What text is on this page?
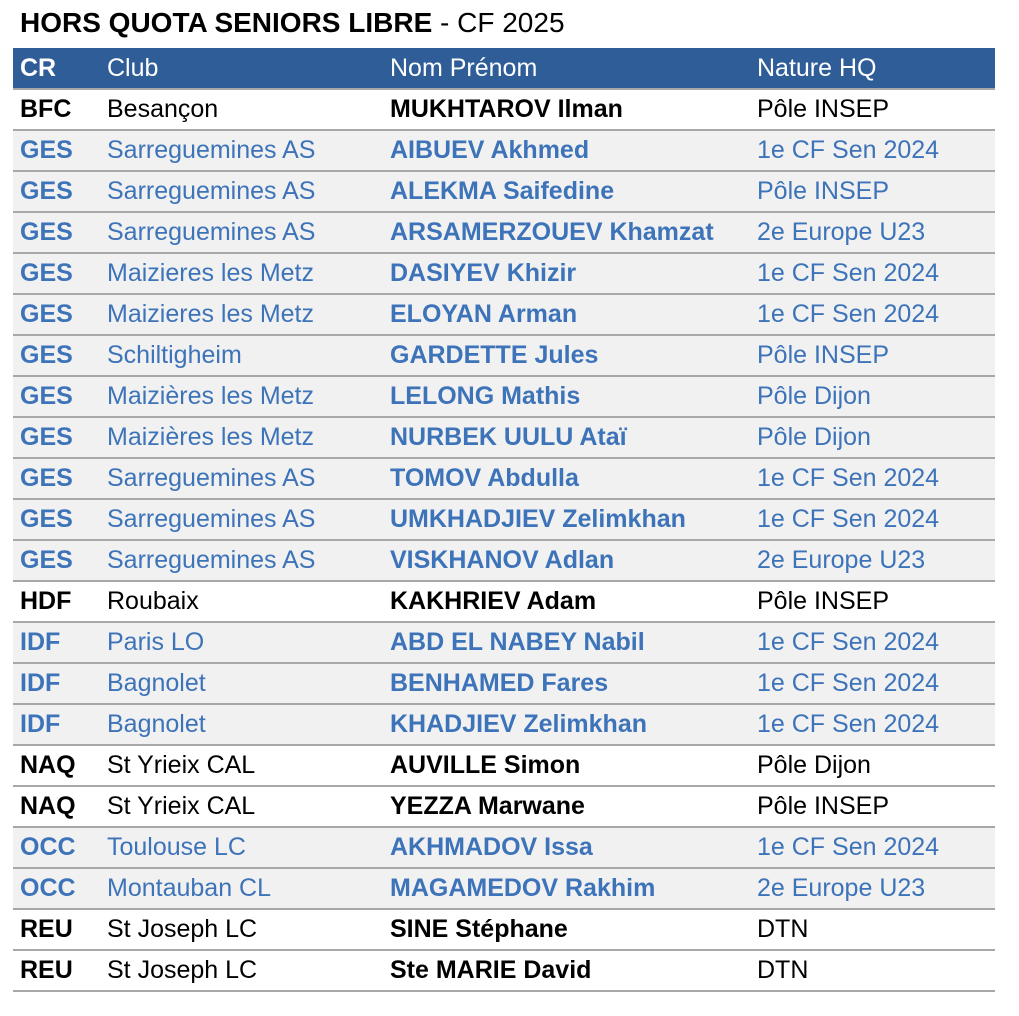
HORS QUOTA SENIORS LIBRE - CF 2025
CR	Club	Nom Prénom	Nature HQ
BFC	Besançon	MUKHTAROV Ilman	Pôle INSEP
GES	Sarreguemines AS	AIBUEV Akhmed	1e CF Sen 2024
GES	Sarreguemines AS	ALEKMA Saifedine	Pôle INSEP
GES	Sarreguemines AS	ARSAMERZOUEV Khamzat	2e Europe U23
GES	Maizieres les Metz	DASIYEV Khizir	1e CF Sen 2024
GES	Maizieres les Metz	ELOYAN Arman	1e CF Sen 2024
GES	Schiltigheim	GARDETTE Jules	Pôle INSEP
GES	Maizières les Metz	LELONG Mathis	Pôle Dijon
GES	Maizières les Metz	NURBEK UULU Ataï	Pôle Dijon
GES	Sarreguemines AS	TOMOV Abdulla	1e CF Sen 2024
GES	Sarreguemines AS	UMKHADJIEV Zelimkhan	1e CF Sen 2024
GES	Sarreguemines AS	VISKHANOV Adlan	2e Europe U23
HDF	Roubaix	KAKHRIEV Adam	Pôle INSEP
IDF	Paris LO	ABD EL NABEY Nabil	1e CF Sen 2024
IDF	Bagnolet	BENHAMED Fares	1e CF Sen 2024
IDF	Bagnolet	KHADJIEV Zelimkhan	1e CF Sen 2024
NAQ	St Yrieix CAL	AUVILLE Simon	Pôle Dijon
NAQ	St Yrieix CAL	YEZZA Marwane	Pôle INSEP
OCC	Toulouse LC	AKHMADOV Issa	1e CF Sen 2024
OCC	Montauban CL	MAGAMEDOV Rakhim	2e Europe U23
REU	St Joseph LC	SINE Stéphane	DTN
REU	St Joseph LC	Ste MARIE David	DTN
